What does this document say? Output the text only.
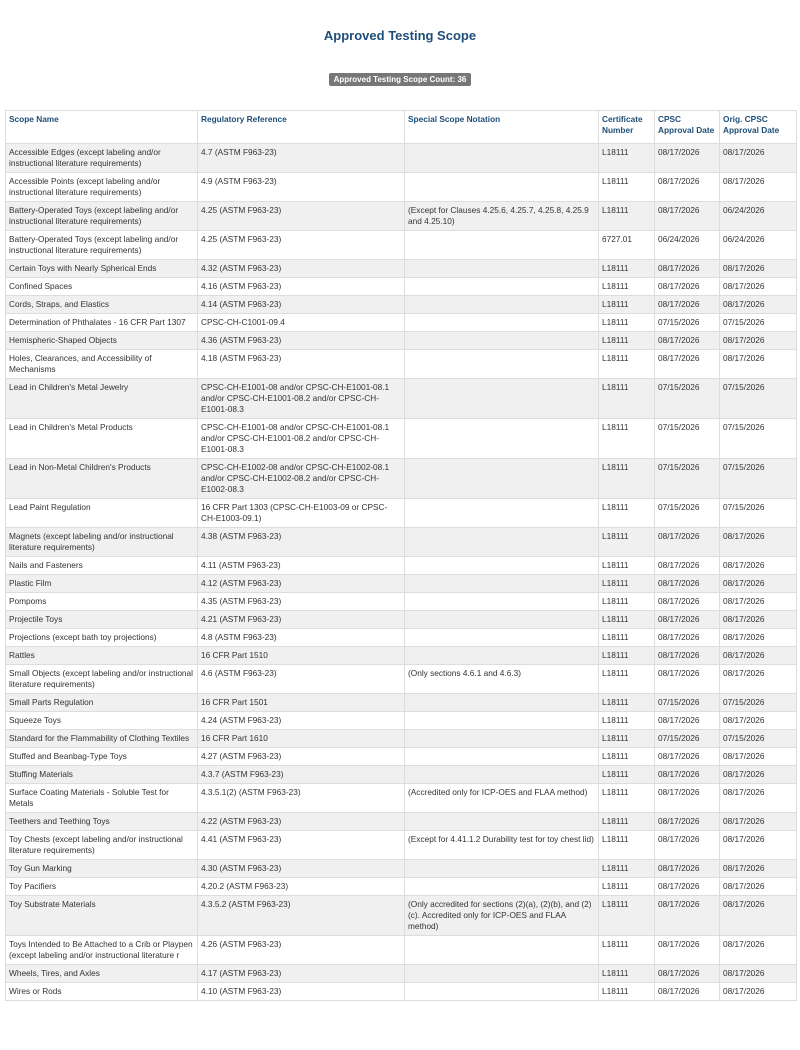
Approved Testing Scope
Approved Testing Scope Count: 36
Scope Name	Regulatory Reference	Special Scope Notation	Certificate Number	CPSC Approval Date	Orig. CPSC Approval Date
Accessible Edges (except labeling and/or instructional literature requirements)	4.7 (ASTM F963-23)		L18111	08/17/2026	08/17/2026
Accessible Points (except labeling and/or instructional literature requirements)	4.9 (ASTM F963-23)		L18111	08/17/2026	08/17/2026
Battery-Operated Toys (except labeling and/or instructional literature requirements)	4.25 (ASTM F963-23)	(Except for Clauses 4.25.6, 4.25.7, 4.25.8, 4.25.9 and 4.25.10)	L18111	08/17/2026	06/24/2026
Battery-Operated Toys (except labeling and/or instructional literature requirements)	4.25 (ASTM F963-23)		6727.01	06/24/2026	06/24/2026
Certain Toys with Nearly Spherical Ends	4.32 (ASTM F963-23)		L18111	08/17/2026	08/17/2026
Confined Spaces	4.16 (ASTM F963-23)		L18111	08/17/2026	08/17/2026
Cords, Straps, and Elastics	4.14 (ASTM F963-23)		L18111	08/17/2026	08/17/2026
Determination of Phthalates - 16 CFR Part 1307	CPSC-CH-C1001-09.4		L18111	07/15/2026	07/15/2026
Hemispheric-Shaped Objects	4.36 (ASTM F963-23)		L18111	08/17/2026	08/17/2026
Holes, Clearances, and Accessibility of Mechanisms	4.18 (ASTM F963-23)		L18111	08/17/2026	08/17/2026
Lead in Children's Metal Jewelry	CPSC-CH-E1001-08 and/or CPSC-CH-E1001-08.1 and/or CPSC-CH-E1001-08.2 and/or CPSC-CH-E1001-08.3		L18111	07/15/2026	07/15/2026
Lead in Children's Metal Products	CPSC-CH-E1001-08 and/or CPSC-CH-E1001-08.1 and/or CPSC-CH-E1001-08.2 and/or CPSC-CH-E1001-08.3		L18111	07/15/2026	07/15/2026
Lead in Non-Metal Children's Products	CPSC-CH-E1002-08 and/or CPSC-CH-E1002-08.1 and/or CPSC-CH-E1002-08.2 and/or CPSC-CH-E1002-08.3		L18111	07/15/2026	07/15/2026
Lead Paint Regulation	16 CFR Part 1303 (CPSC-CH-E1003-09 or CPSC-CH-E1003-09.1)		L18111	07/15/2026	07/15/2026
Magnets (except labeling and/or instructional literature requirements)	4.38 (ASTM F963-23)		L18111	08/17/2026	08/17/2026
Nails and Fasteners	4.11 (ASTM F963-23)		L18111	08/17/2026	08/17/2026
Plastic Film	4.12 (ASTM F963-23)		L18111	08/17/2026	08/17/2026
Pompoms	4.35 (ASTM F963-23)		L18111	08/17/2026	08/17/2026
Projectile Toys	4.21 (ASTM F963-23)		L18111	08/17/2026	08/17/2026
Projections (except bath toy projections)	4.8 (ASTM F963-23)		L18111	08/17/2026	08/17/2026
Rattles	16 CFR Part 1510		L18111	08/17/2026	08/17/2026
Small Objects (except labeling and/or instructional literature requirements)	4.6 (ASTM F963-23)	(Only sections 4.6.1 and 4.6.3)	L18111	08/17/2026	08/17/2026
Small Parts Regulation	16 CFR Part 1501		L18111	07/15/2026	07/15/2026
Squeeze Toys	4.24 (ASTM F963-23)		L18111	08/17/2026	08/17/2026
Standard for the Flammability of Clothing Textiles	16 CFR Part 1610		L18111	07/15/2026	07/15/2026
Stuffed and Beanbag-Type Toys	4.27 (ASTM F963-23)		L18111	08/17/2026	08/17/2026
Stuffing Materials	4.3.7 (ASTM F963-23)		L18111	08/17/2026	08/17/2026
Surface Coating Materials - Soluble Test for Metals	4.3.5.1(2) (ASTM F963-23)	(Accredited only for ICP-OES and FLAA method)	L18111	08/17/2026	08/17/2026
Teethers and Teething Toys	4.22 (ASTM F963-23)		L18111	08/17/2026	08/17/2026
Toy Chests (except labeling and/or instructional literature requirements)	4.41 (ASTM F963-23)	(Except for 4.41.1.2 Durability test for toy chest lid)	L18111	08/17/2026	08/17/2026
Toy Gun Marking	4.30 (ASTM F963-23)		L18111	08/17/2026	08/17/2026
Toy Pacifiers	4.20.2 (ASTM F963-23)		L18111	08/17/2026	08/17/2026
Toy Substrate Materials	4.3.5.2 (ASTM F963-23)	(Only accredited for sections (2)(a), (2)(b), and (2)(c). Accredited only for ICP-OES and FLAA method)	L18111	08/17/2026	08/17/2026
Toys Intended to Be Attached to a Crib or Playpen (except labeling and/or instructional literature r	4.26 (ASTM F963-23)		L18111	08/17/2026	08/17/2026
Wheels, Tires, and Axles	4.17 (ASTM F963-23)		L18111	08/17/2026	08/17/2026
Wires or Rods	4.10 (ASTM F963-23)		L18111	08/17/2026	08/17/2026
